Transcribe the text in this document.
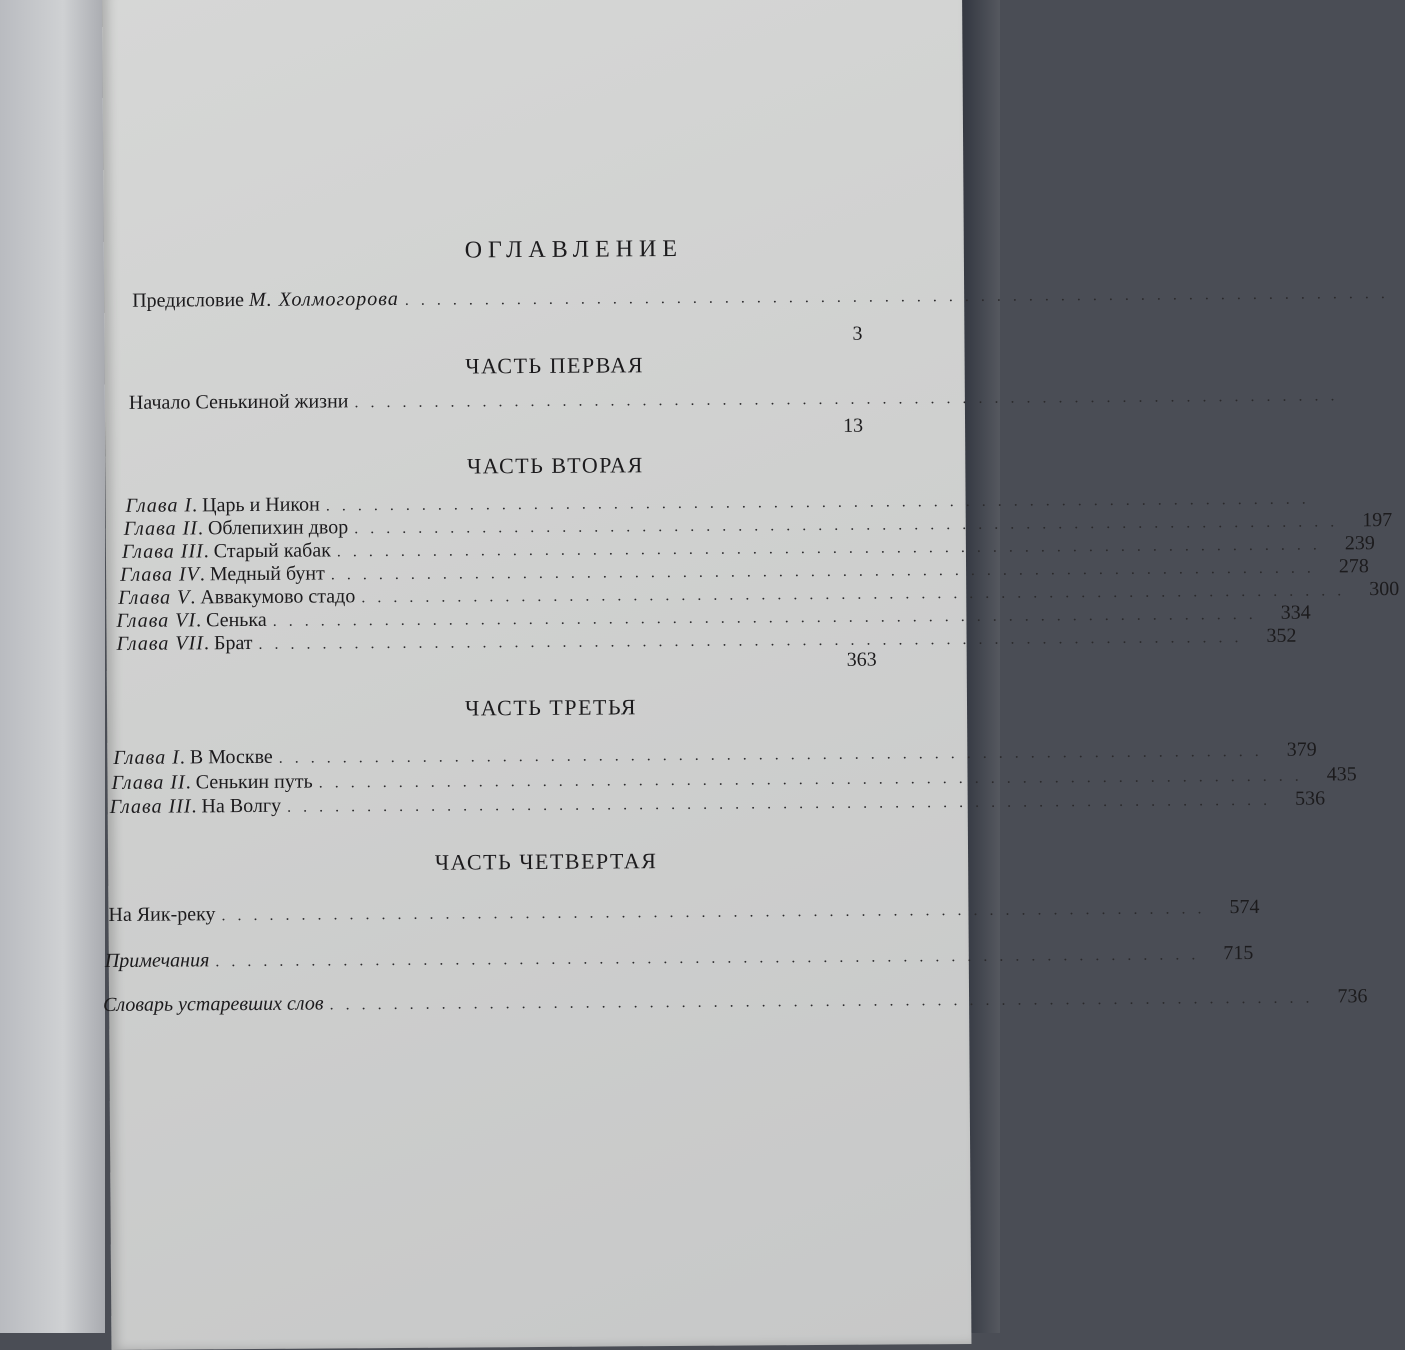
ОГЛАВЛЕНИЕ
Предисловие М. Холмогорова ..............................................................
3
ЧАСТЬ ПЕРВАЯ
Начало Сенькиной жизни ..............................................................
13
ЧАСТЬ ВТОРАЯ
Глава I. Царь и Никон ..............................................................
Глава II. Облепихин двор .............................................................. 197
Глава III. Старый кабак .............................................................. 239
Глава IV. Медный бунт .............................................................. 278
Глава V. Аввакумово стадо .............................................................. 300
Глава VI. Сенька .............................................................. 334
Глава VII. Брат .............................................................. 352
363
ЧАСТЬ ТРЕТЬЯ
Глава I. В Москве .............................................................. 379
Глава II. Сенькин путь .............................................................. 435
Глава III. На Волгу .............................................................. 536
ЧАСТЬ ЧЕТВЕРТАЯ
На Яик-реку .............................................................. 574
Примечания .............................................................. 715
Словарь устаревших слов .............................................................. 736
